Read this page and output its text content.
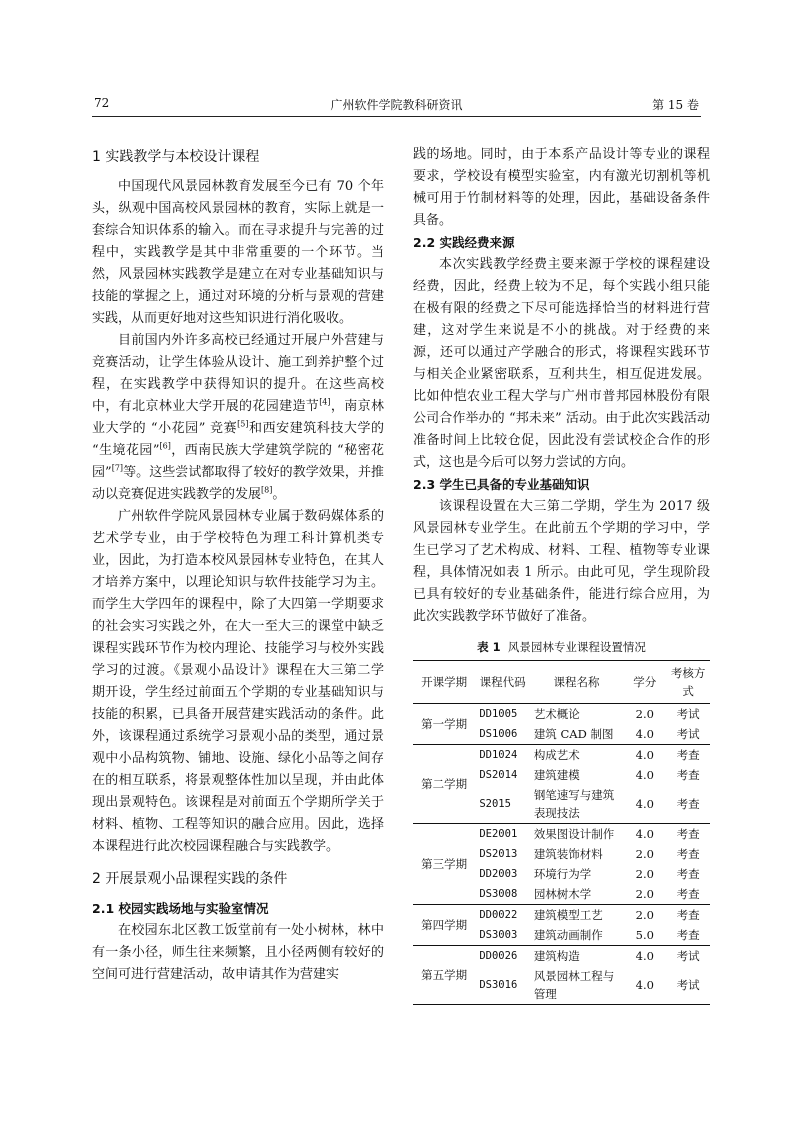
72	广州软件学院教科研资讯	第 15 卷
1 实践教学与本校设计课程

中国现代风景园林教育发展至今已有 70 个年头，纵观中国高校风景园林的教育，实际上就是一套综合知识体系的输入。而在寻求提升与完善的过程中，实践教学是其中非常重要的一个环节。当然，风景园林实践教学是建立在对专业基础知识与技能的掌握之上，通过对环境的分析与景观的营建实践，从而更好地对这些知识进行消化吸收。

目前国内外许多高校已经通过开展户外营建与竞赛活动，让学生体验从设计、施工到养护整个过程，在实践教学中获得知识的提升。在这些高校中，有北京林业大学开展的花园建造节[4]，南京林业大学的 “小花园” 竞赛[5]和西安建筑科技大学的 “生境花园”[6]，西南民族大学建筑学院的 “秘密花园”[7]等。这些尝试都取得了较好的教学效果，并推动以竞赛促进实践教学的发展[8]。

广州软件学院风景园林专业属于数码媒体系的艺术学专业，由于学校特色为理工科计算机类专业，因此，为打造本校风景园林专业特色，在其人才培养方案中，以理论知识与软件技能学习为主。而学生大学四年的课程中，除了大四第一学期要求的社会实习实践之外，在大一至大三的课堂中缺乏课程实践环节作为校内理论、技能学习与校外实践学习的过渡。《景观小品设计》课程在大三第二学期开设，学生经过前面五个学期的专业基础知识与技能的积累，已具备开展营建实践活动的条件。此外，该课程通过系统学习景观小品的类型，通过景观中小品构筑物、铺地、设施、绿化小品等之间存在的相互联系，将景观整体性加以呈现，并由此体现出景观特色。该课程是对前面五个学期所学关于材料、植物、工程等知识的融合应用。因此，选择本课程进行此次校园课程融合与实践教学。

2 开展景观小品课程实践的条件
2.1 校园实践场地与实验室情况

在校园东北区教工饭堂前有一处小树林，林中有一条小径，师生往来频繁，且小径两侧有较好的空间可进行营建活动，故申请其作为营建实

践的场地。同时，由于本系产品设计等专业的课程要求，学校设有模型实验室，内有激光切割机等机械可用于竹制材料等的处理，因此，基础设备条件具备。

2.2 实践经费来源

本次实践教学经费主要来源于学校的课程建设经费，因此，经费上较为不足，每个实践小组只能在极有限的经费之下尽可能选择恰当的材料进行营建，这对学生来说是不小的挑战。对于经费的来源，还可以通过产学融合的形式，将课程实践环节与相关企业紧密联系，互利共生，相互促进发展。比如仲恺农业工程大学与广州市普邦园林股份有限公司合作举办的 “邦未来” 活动。由于此次实践活动准备时间上比较仓促，因此没有尝试校企合作的形式，这也是今后可以努力尝试的方向。

2.3 学生已具备的专业基础知识

该课程设置在大三第二学期，学生为 2017 级风景园林专业学生。在此前五个学期的学习中，学生已学习了艺术构成、材料、工程、植物等专业课程，具体情况如表 1 所示。由此可见，学生现阶段已具有较好的专业基础条件，能进行综合应用，为此次实践教学环节做好了准备。

表 1 风景园林专业课程设置情况
开课学期	课程代码	课程名称	学分	考核方式
第一学期	DD1005	艺术概论	2.0	考试
	DS1006	建筑 CAD 制图	4.0	考试
第二学期	DD1024	构成艺术	4.0	考查
	DS2014	建筑建模	4.0	考查
	S2015	钢笔速写与建筑表现技法	4.0	考查
第三学期	DE2001	效果图设计制作	4.0	考查
	DS2013	建筑装饰材料	2.0	考查
	DD2003	环境行为学	2.0	考查
	DS3008	园林树木学	2.0	考查
第四学期	DD0022	建筑模型工艺	2.0	考查
	DS3003	建筑动画制作	5.0	考查
第五学期	DD0026	建筑构造	4.0	考试
	DS3016	风景园林工程与管理	4.0	考试
